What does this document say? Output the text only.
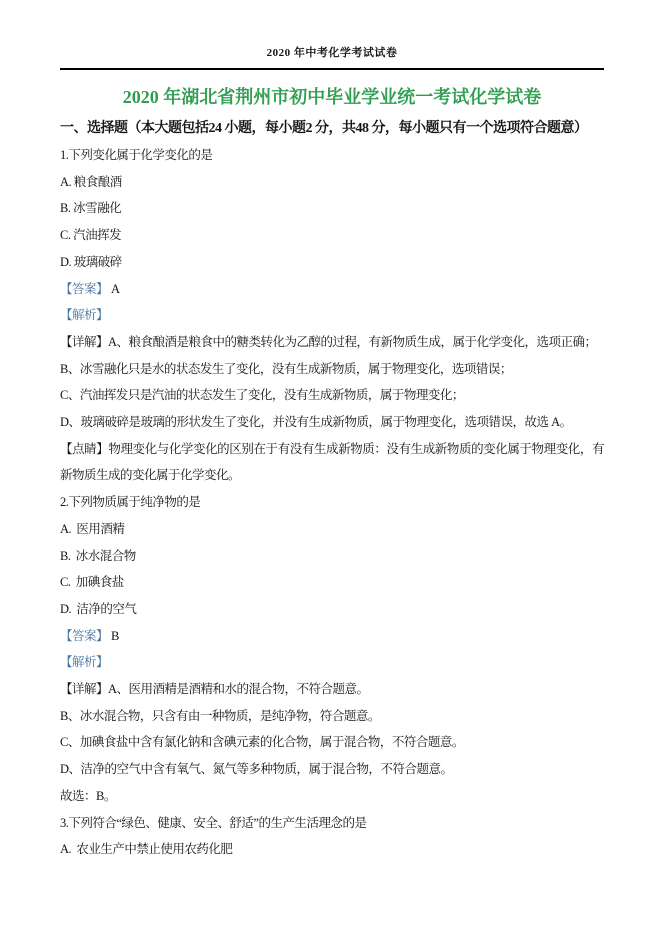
2020 年中考化学考试试卷
2020 年湖北省荆州市初中毕业学业统一考试化学试卷
一、选择题（本大题包括24 小题，每小题2 分，共48 分，每小题只有一个选项符合题意）

1.下列变化属于化学变化的是

A. 粮食酿酒

B. 冰雪融化

C. 汽油挥发

D. 玻璃破碎

【答案】 A

【解析】

【详解】A、粮食酿酒是粮食中的糖类转化为乙醇的过程，有新物质生成，属于化学变化，选项正确；

B、冰雪融化只是水的状态发生了变化，没有生成新物质，属于物理变化，选项错误；

C、汽油挥发只是汽油的状态发生了变化，没有生成新物质，属于物理变化；

D、玻璃破碎是玻璃的形状发生了变化，并没有生成新物质，属于物理变化，选项错误，故选 A。

【点睛】物理变化与化学变化的区别在于有没有生成新物质：没有生成新物质的变化属于物理变化，有新物质生成的变化属于化学变化。

2.下列物质属于纯净物的是

A.  医用酒精

B.  冰水混合物

C.  加碘食盐

D.  洁净的空气

【答案】 B

【解析】

【详解】A、医用酒精是酒精和水的混合物，不符合题意。

B、冰水混合物，只含有由一种物质，是纯净物，符合题意。

C、加碘食盐中含有氯化钠和含碘元素的化合物，属于混合物，不符合题意。

D、洁净的空气中含有氧气、氮气等多种物质，属于混合物，不符合题意。

故选：B。

3.下列符合“绿色、健康、安全、舒适”的生产生活理念的是

A.  农业生产中禁止使用农药化肥
